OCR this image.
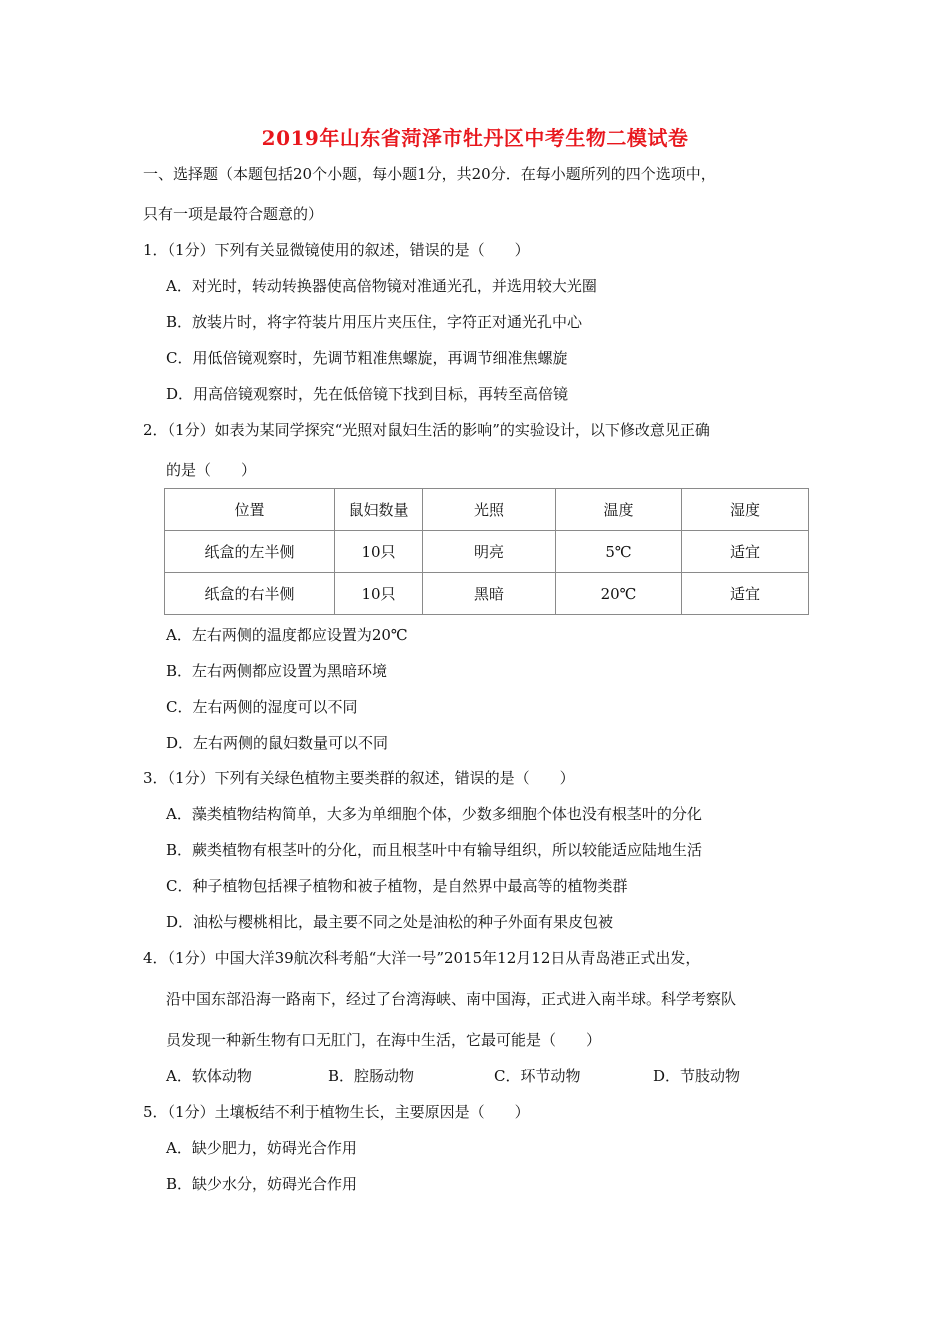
2019年山东省菏泽市牡丹区中考生物二模试卷
一、选择题（本题包括20个小题，每小题1分，共20分．在每小题所列的四个选项中，
只有一项是最符合题意的）
1．（1分）下列有关显微镜使用的叙述，错误的是（　　）
A．对光时，转动转换器使高倍物镜对准通光孔，并选用较大光圈
B．放装片时，将字符装片用压片夹压住，字符正对通光孔中心
C．用低倍镜观察时，先调节粗准焦螺旋，再调节细准焦螺旋
D．用高倍镜观察时，先在低倍镜下找到目标，再转至高倍镜
2．（1分）如表为某同学探究“光照对鼠妇生活的影响”的实验设计，以下修改意见正确
的是（　　）
位置	鼠妇数量	光照	温度	湿度
纸盒的左半侧	10只	明亮	5℃	适宜
纸盒的右半侧	10只	黑暗	20℃	适宜
A．左右两侧的温度都应设置为20℃
B．左右两侧都应设置为黑暗环境
C．左右两侧的湿度可以不同
D．左右两侧的鼠妇数量可以不同
3．（1分）下列有关绿色植物主要类群的叙述，错误的是（　　）
A．藻类植物结构简单，大多为单细胞个体，少数多细胞个体也没有根茎叶的分化
B．蕨类植物有根茎叶的分化，而且根茎叶中有输导组织，所以较能适应陆地生活
C．种子植物包括裸子植物和被子植物，是自然界中最高等的植物类群
D．油松与樱桃相比，最主要不同之处是油松的种子外面有果皮包被
4．（1分）中国大洋39航次科考船“大洋一号”2015年12月12日从青岛港正式出发，
沿中国东部沿海一路南下，经过了台湾海峡、南中国海，正式进入南半球。科学考察队
员发现一种新生物有口无肛门，在海中生活，它最可能是（　　）
A．软体动物	B．腔肠动物	C．环节动物	D．节肢动物
5．（1分）土壤板结不利于植物生长，主要原因是（　　）
A．缺少肥力，妨碍光合作用
B．缺少水分，妨碍光合作用
